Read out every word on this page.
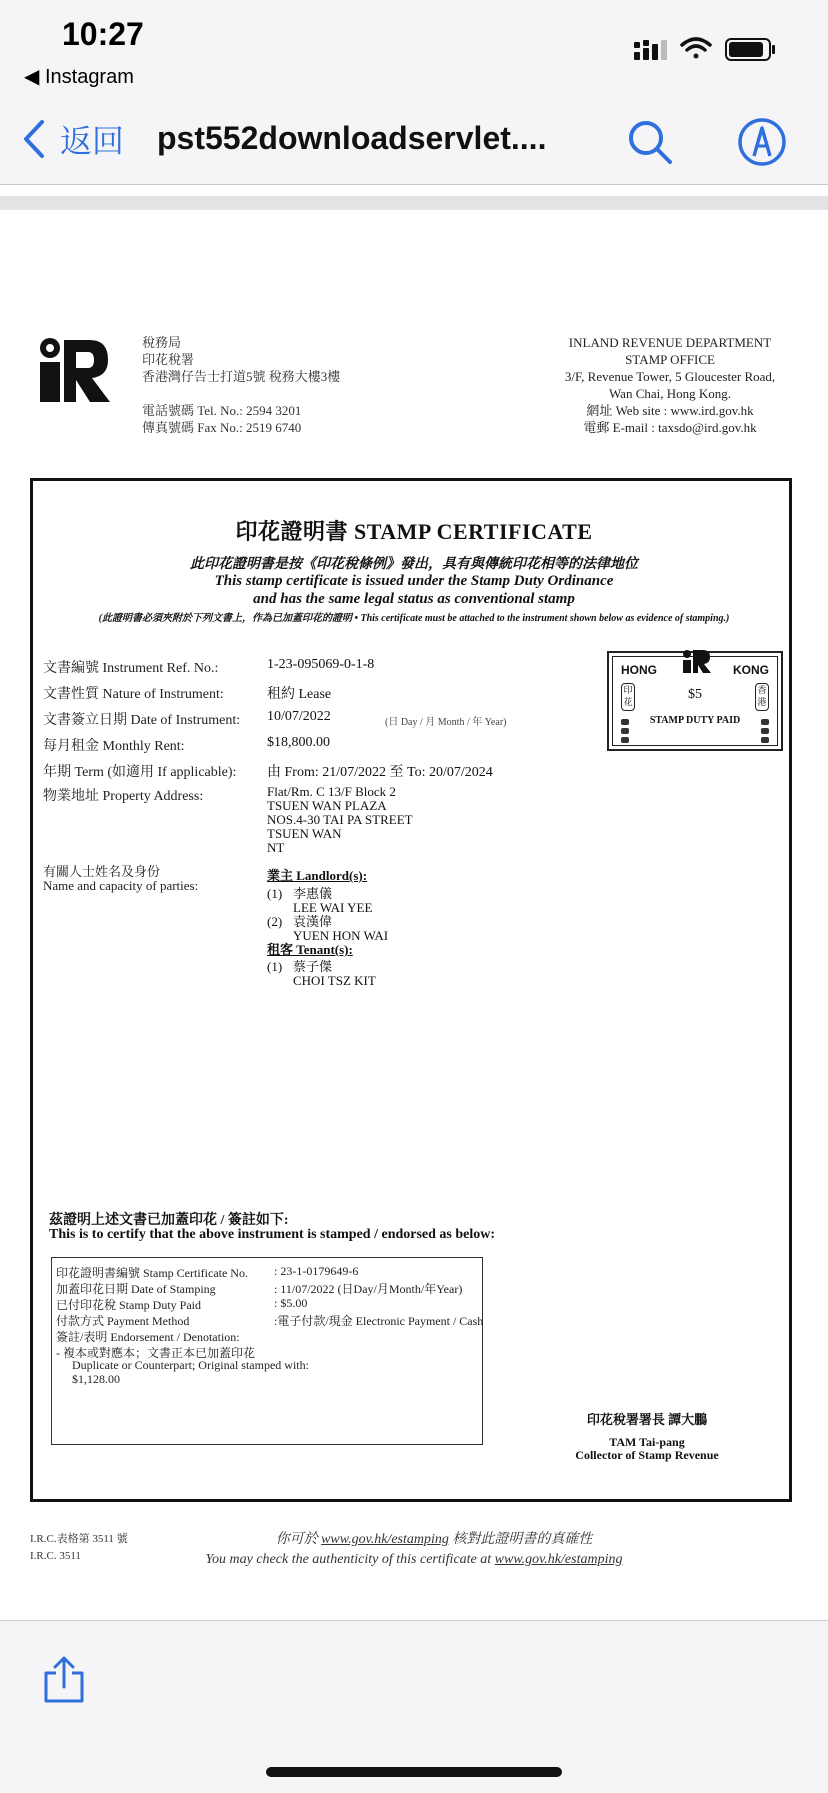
10:27
◀ Instagram
返回 pst552downloadservlet....
稅務局
印花稅署
香港灣仔告士打道5號 稅務大樓3樓
電話號碼 Tel. No.: 2594 3201
傳真號碼 Fax No.: 2519 6740
INLAND REVENUE DEPARTMENT
STAMP OFFICE
3/F, Revenue Tower, 5 Gloucester Road,
Wan Chai, Hong Kong.
網址 Web site : www.ird.gov.hk
電郵 E-mail : taxsdo@ird.gov.hk
印花證明書 STAMP CERTIFICATE
此印花證明書是按《印花稅條例》發出，具有與傳統印花相等的法律地位
This stamp certificate is issued under the Stamp Duty Ordinance
and has the same legal status as conventional stamp
(此證明書必須夾附於下列文書上，作為已加蓋印花的證明 • This certificate must be attached to the instrument shown below as evidence of stamping.)
文書編號 Instrument Ref. No.:	1-23-095069-0-1-8
文書性質 Nature of Instrument:	租約 Lease
文書簽立日期 Date of Instrument: 10/07/2022	(日 Day / 月 Month / 年 Year)
每月租金 Monthly Rent:	$18,800.00
年期 Term (如適用 If applicable): 由 From: 21/07/2022 至 To: 20/07/2024
物業地址 Property Address:	Flat/Rm. C 13/F Block 2
TSUEN WAN PLAZA
NOS.4-30 TAI PA STREET
TSUEN WAN
NT
有關人士姓名及身份
Name and capacity of parties:
業主 Landlord(s):
(1) 李惠儀
LEE WAI YEE
(2) 袁漢偉
YUEN HON WAI
租客 Tenant(s):
(1) 蔡子傑
CHOI TSZ KIT
HONG	KONG
印花
香港
$5
STAMP DUTY PAID
茲證明上述文書已加蓋印花 / 簽註如下:
This is to certify that the above instrument is stamped / endorsed as below:
印花證明書編號 Stamp Certificate No. : 23-1-0179649-6
加蓋印花日期 Date of Stamping	: 11/07/2022 (日Day/月Month/年Year)
已付印花稅 Stamp Duty Paid	: $5.00
付款方式 Payment Method	:電子付款/現金 Electronic Payment / Cash
簽註/表明 Endorsement / Denotation:
- 複本或對應本；文書正本已加蓋印花
Duplicate or Counterpart; Original stamped with:
$1,128.00
印花稅署署長 譚大鵬
TAM Tai-pang
Collector of Stamp Revenue
I.R.C.表格第 3511 號
I.R.C. 3511
你可於 www.gov.hk/estamping 核對此證明書的真確性
You may check the authenticity of this certificate at www.gov.hk/estamping
